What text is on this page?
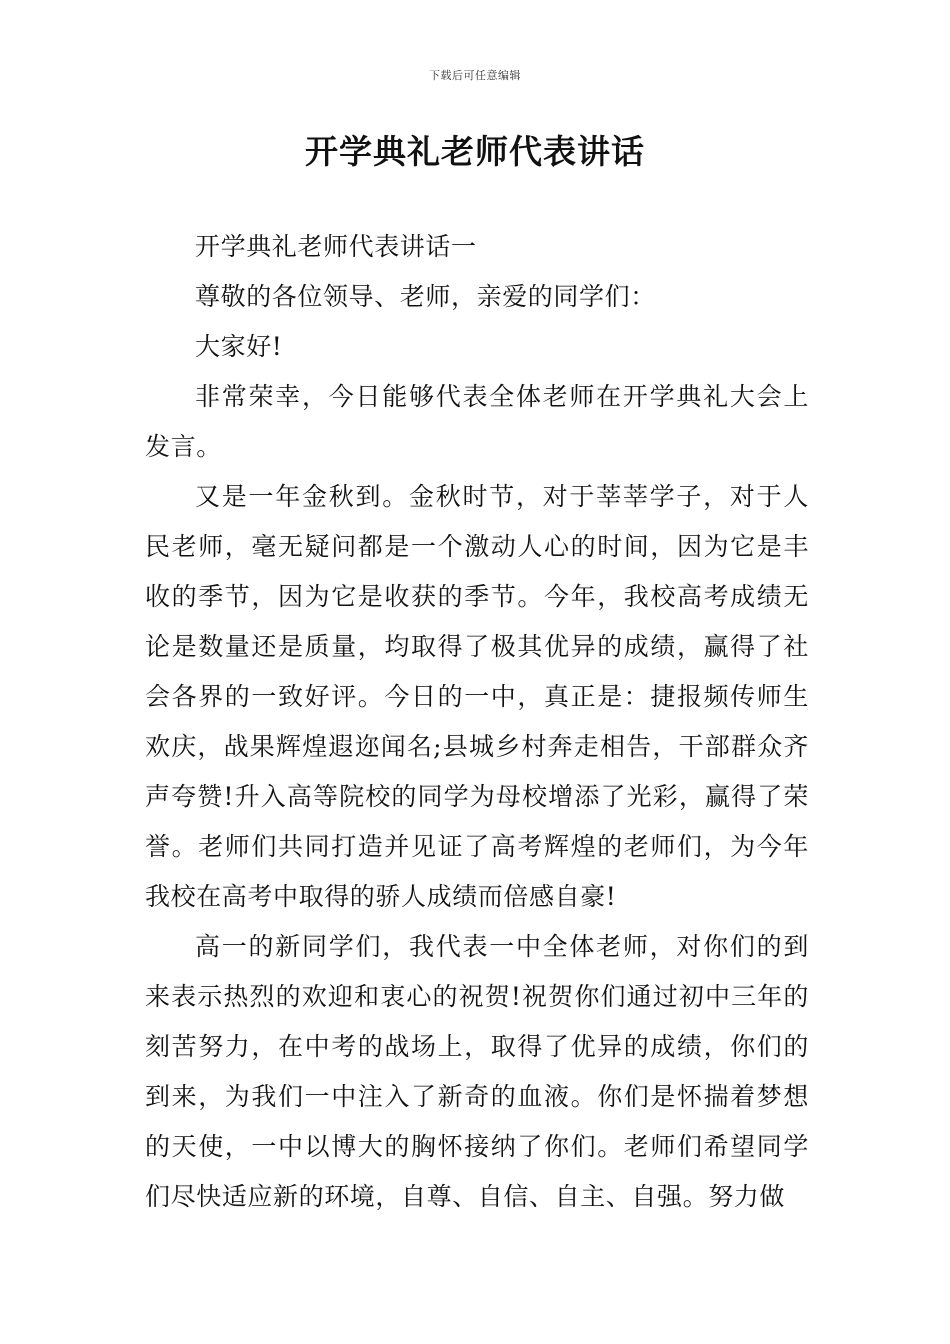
下载后可任意编辑
开学典礼老师代表讲话

开学典礼老师代表讲话一

尊敬的各位领导、老师，亲爱的同学们：

大家好!

非常荣幸，今日能够代表全体老师在开学典礼大会上发言。

又是一年金秋到。金秋时节，对于莘莘学子，对于人民老师，毫无疑问都是一个激动人心的时间，因为它是丰收的季节，因为它是收获的季节。今年，我校高考成绩无论是数量还是质量，均取得了极其优异的成绩，赢得了社会各界的一致好评。今日的一中，真正是：捷报频传师生欢庆，战果辉煌遐迩闻名;县城乡村奔走相告，干部群众齐声夸赞!升入高等院校的同学为母校增添了光彩，赢得了荣誉。老师们共同打造并见证了高考辉煌的老师们，为今年我校在高考中取得的骄人成绩而倍感自豪!

高一的新同学们，我代表一中全体老师，对你们的到来表示热烈的欢迎和衷心的祝贺!祝贺你们通过初中三年的刻苦努力，在中考的战场上，取得了优异的成绩，你们的到来，为我们一中注入了新奇的血液。你们是怀揣着梦想的天使，一中以博大的胸怀接纳了你们。老师们希望同学们尽快适应新的环境，自尊、自信、自主、自强。努力做
